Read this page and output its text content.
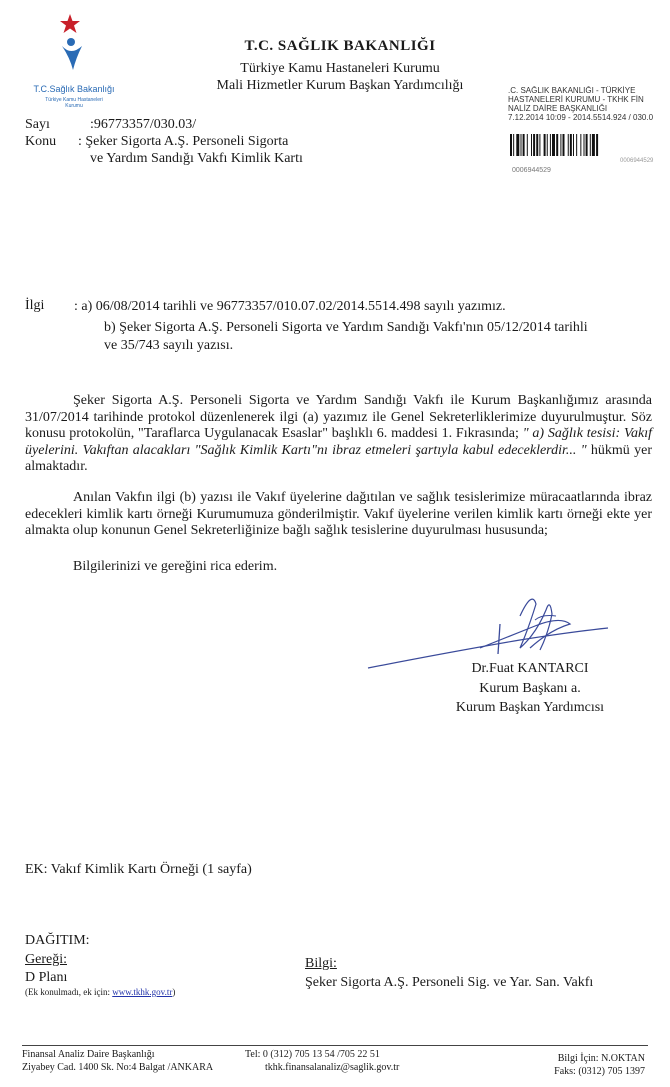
T.C.Sağlık Bakanlığı
Türkiye Kamu Hastaneleri Kurumu
T.C. SAĞLIK BAKANLIĞI
Türkiye Kamu Hastaneleri Kurumu
Mali Hizmetler Kurum Başkan Yardımcılığı	.C. SAĞLIK BAKANLIĞI - TÜRKİYE
HASTANELERİ KURUMU - TKHK FİN
NALİZ DAİRE BAŞKANLIĞI
7.12.2014 10:09 - 2014.5514.924 / 030.0
0006944529
0006944529
Sayı	:96773357/030.03/
Konu : Şeker Sigorta A.Ş. Personeli Sigorta
ve Yardım Sandığı Vakfı Kimlik Kartı
İlgi : a) 06/08/2014 tarihli ve 96773357/010.07.02/2014.5514.498 sayılı yazımız.
b) Şeker Sigorta A.Ş. Personeli Sigorta ve Yardım Sandığı Vakfı'nın 05/12/2014 tarihli
ve 35/743 sayılı yazısı.
Şeker Sigorta A.Ş. Personeli Sigorta ve Yardım Sandığı Vakfı ile Kurum Başkanlığımız arasında 31/07/2014 tarihinde protokol düzenlenerek ilgi (a) yazımız ile Genel Sekreterliklerimize duyurulmuştur. Söz konusu protokolün, "Taraflarca Uygulanacak Esaslar" başlıklı 6. maddesi 1. Fıkrasında; " a) Sağlık tesisi: Vakıf üyelerini. Vakıftan alacakları "Sağlık Kimlik Kartı"nı ibraz etmeleri şartıyla kabul edeceklerdir... " hükmü yer almaktadır.
Anılan Vakfın ilgi (b) yazısı ile Vakıf üyelerine dağıtılan ve sağlık tesislerimize müracaatlarında ibraz edecekleri kimlik kartı örneği Kurumumuza gönderilmiştir. Vakıf üyelerine verilen kimlik kartı örneği ekte yer almakta olup konunun Genel Sekreterliğinize bağlı sağlık tesislerine duyurulması hususunda;
Bilgilerinizi ve gereğini rica ederim.
Dr.Fuat KANTARCI
Kurum Başkanı a.
Kurum Başkan Yardımcısı
EK: Vakıf Kimlik Kartı Örneği (1 sayfa)
DAĞITIM:
Gereği:
D Planı
(Ek konulmadı, ek için: www.tkhk.gov.tr)
Bilgi:
Şeker Sigorta A.Ş. Personeli Sig. ve Yar. San. Vakfı
Finansal Analiz Daire Başkanlığı
Ziyabey Cad. 1400 Sk. No:4 Balgat /ANKARA
Tel: 0 (312) 705 13 54 /705 22 51
tkhk.finansalanaliz@saglik.gov.tr
Bilgi İçin: N.OKTAN
Faks: (0312) 705 1397
